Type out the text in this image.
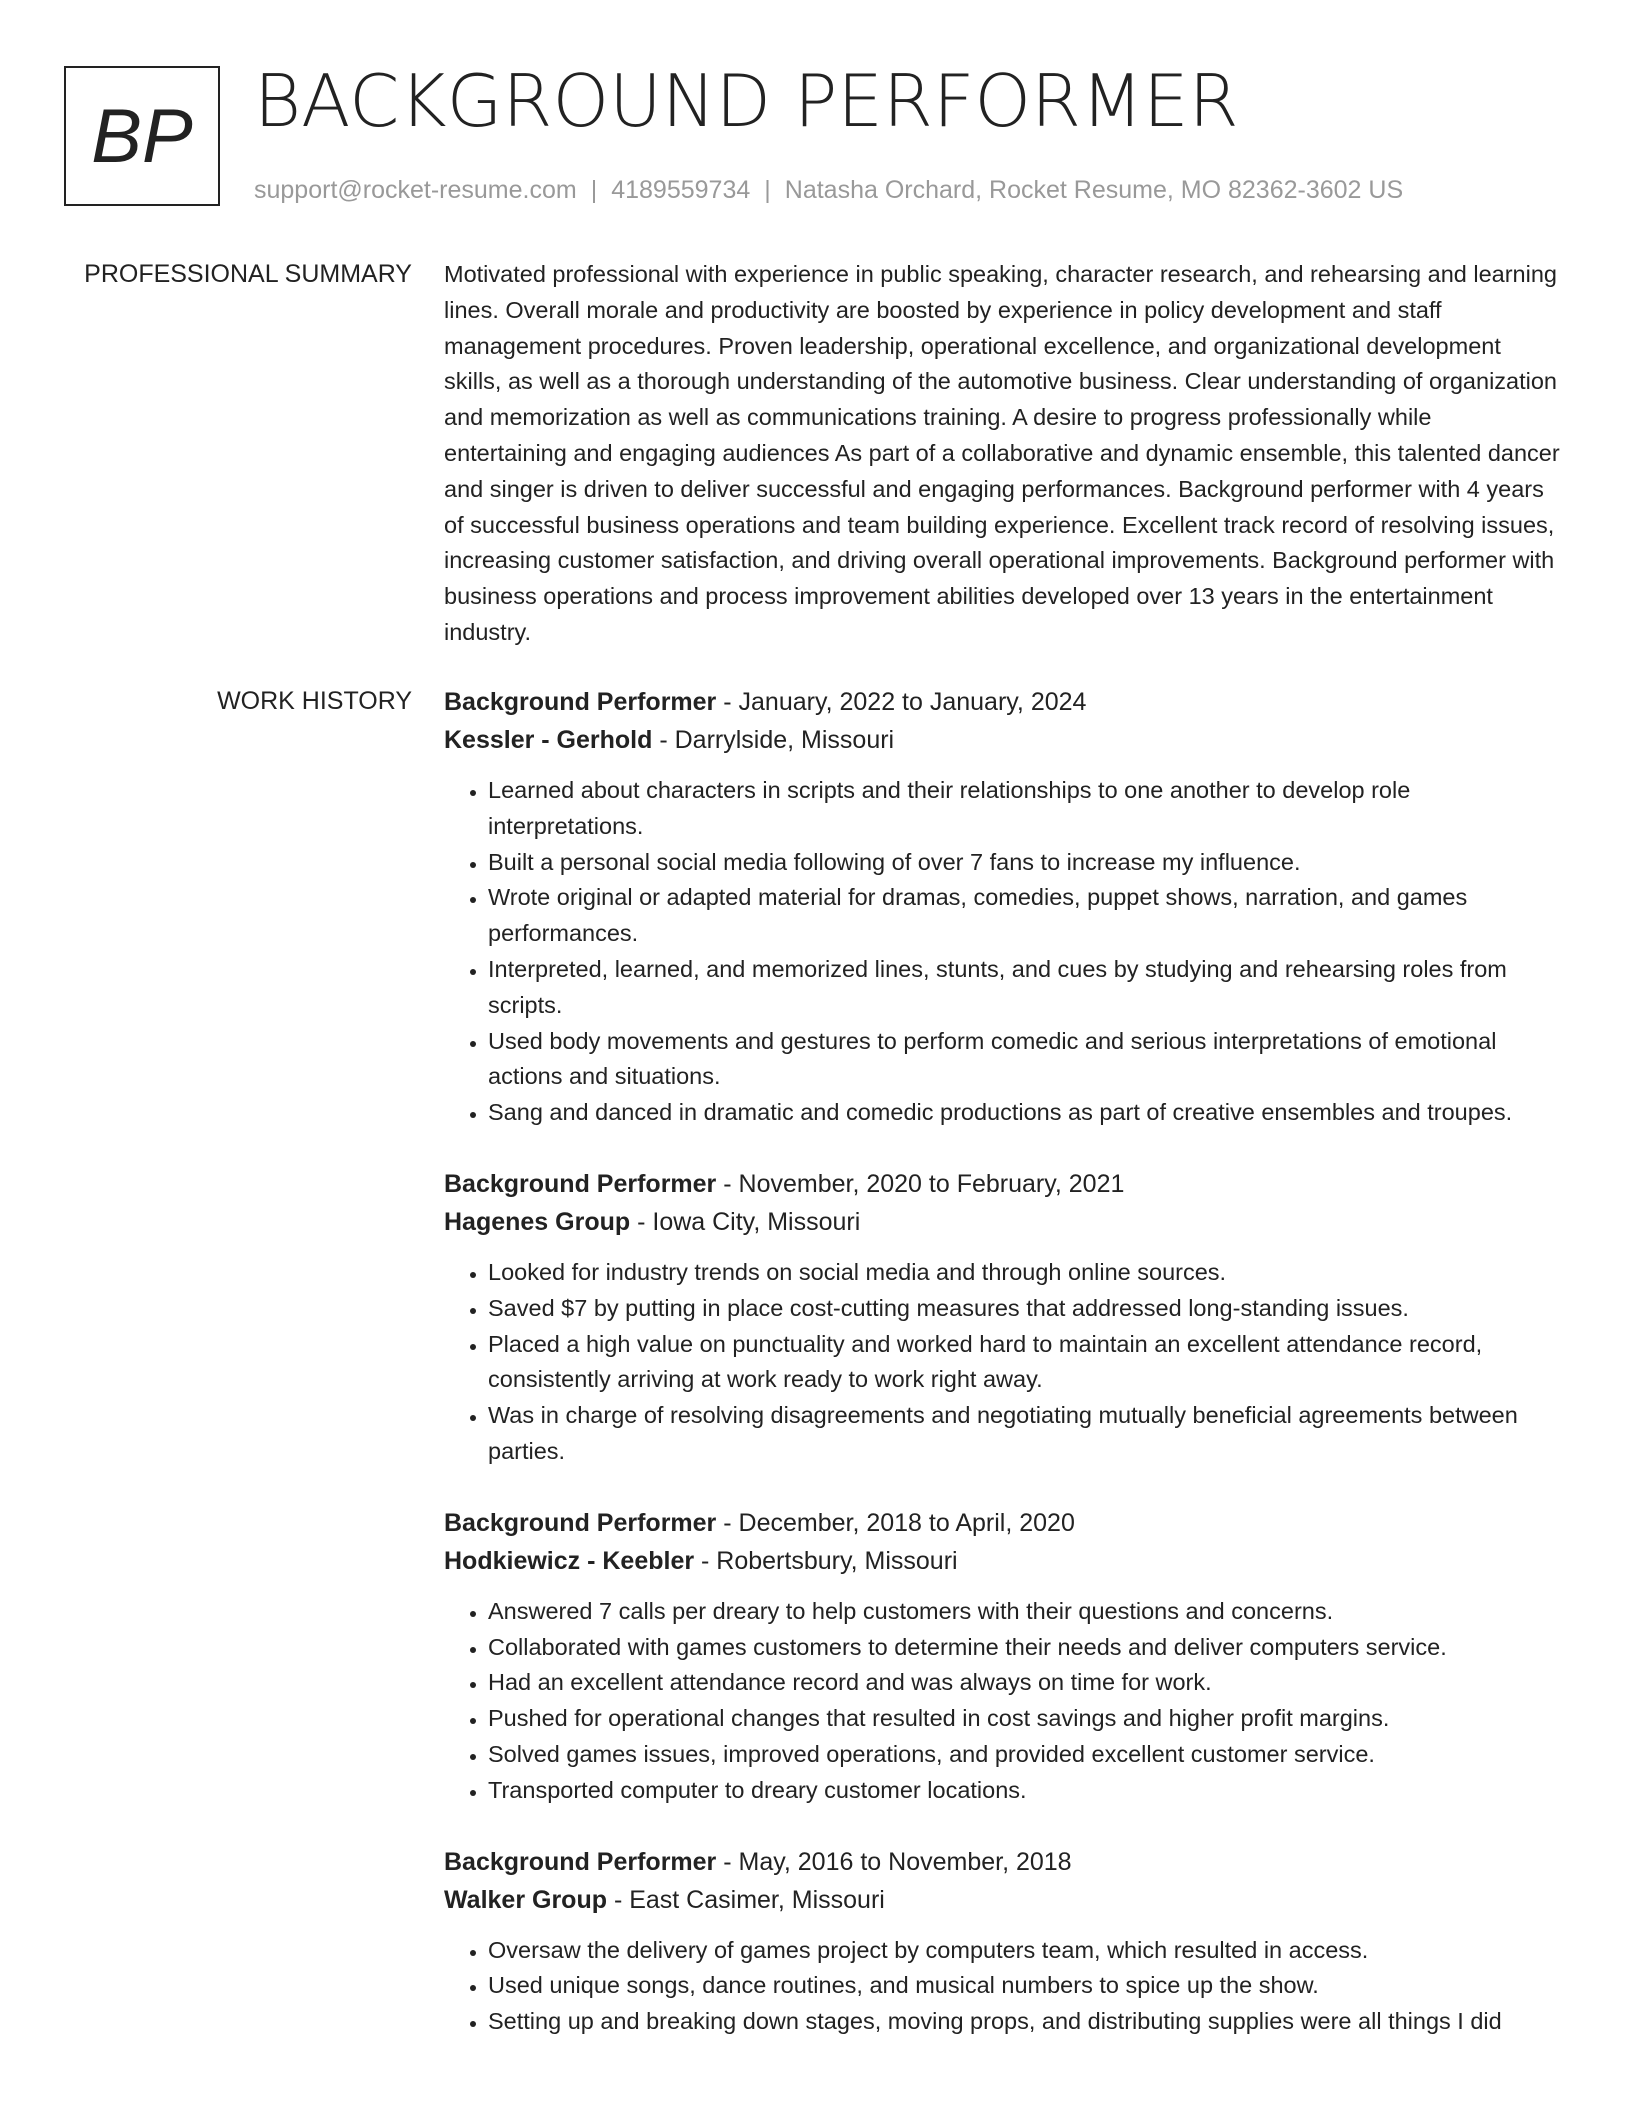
BP BACKGROUND PERFORMER
support@rocket-resume.com | 4189559734 | Natasha Orchard, Rocket Resume, MO 82362-3602 US
PROFESSIONAL SUMMARY Motivated professional with experience in public speaking, character research, and rehearsing and learning lines. Overall morale and productivity are boosted by experience in policy development and staff management procedures. Proven leadership, operational excellence, and organizational development skills, as well as a thorough understanding of the automotive business. Clear understanding of organization and memorization as well as communications training. A desire to progress professionally while entertaining and engaging audiences As part of a collaborative and dynamic ensemble, this talented dancer and singer is driven to deliver successful and engaging performances. Background performer with 4 years of successful business operations and team building experience. Excellent track record of resolving issues, increasing customer satisfaction, and driving overall operational improvements. Background performer with business operations and process improvement abilities developed over 13 years in the entertainment industry.

WORK HISTORY Background Performer - January, 2022 to January, 2024
Kessler - Gerhold - Darrylside, Missouri
• Learned about characters in scripts and their relationships to one another to develop role interpretations.
• Built a personal social media following of over 7 fans to increase my influence.
• Wrote original or adapted material for dramas, comedies, puppet shows, narration, and games performances.
• Interpreted, learned, and memorized lines, stunts, and cues by studying and rehearsing roles from scripts.
• Used body movements and gestures to perform comedic and serious interpretations of emotional actions and situations.
• Sang and danced in dramatic and comedic productions as part of creative ensembles and troupes.
Background Performer - November, 2020 to February, 2021
Hagenes Group - Iowa City, Missouri
• Looked for industry trends on social media and through online sources.
• Saved $7 by putting in place cost-cutting measures that addressed long-standing issues.
• Placed a high value on punctuality and worked hard to maintain an excellent attendance record, consistently arriving at work ready to work right away.
• Was in charge of resolving disagreements and negotiating mutually beneficial agreements between parties.
Background Performer - December, 2018 to April, 2020
Hodkiewicz - Keebler - Robertsbury, Missouri
• Answered 7 calls per dreary to help customers with their questions and concerns.
• Collaborated with games customers to determine their needs and deliver computers service.
• Had an excellent attendance record and was always on time for work.
• Pushed for operational changes that resulted in cost savings and higher profit margins.
• Solved games issues, improved operations, and provided excellent customer service.
• Transported computer to dreary customer locations.
Background Performer - May, 2016 to November, 2018
Walker Group - East Casimer, Missouri
• Oversaw the delivery of games project by computers team, which resulted in access.
• Used unique songs, dance routines, and musical numbers to spice up the show.
• Setting up and breaking down stages, moving props, and distributing supplies were all things I did
